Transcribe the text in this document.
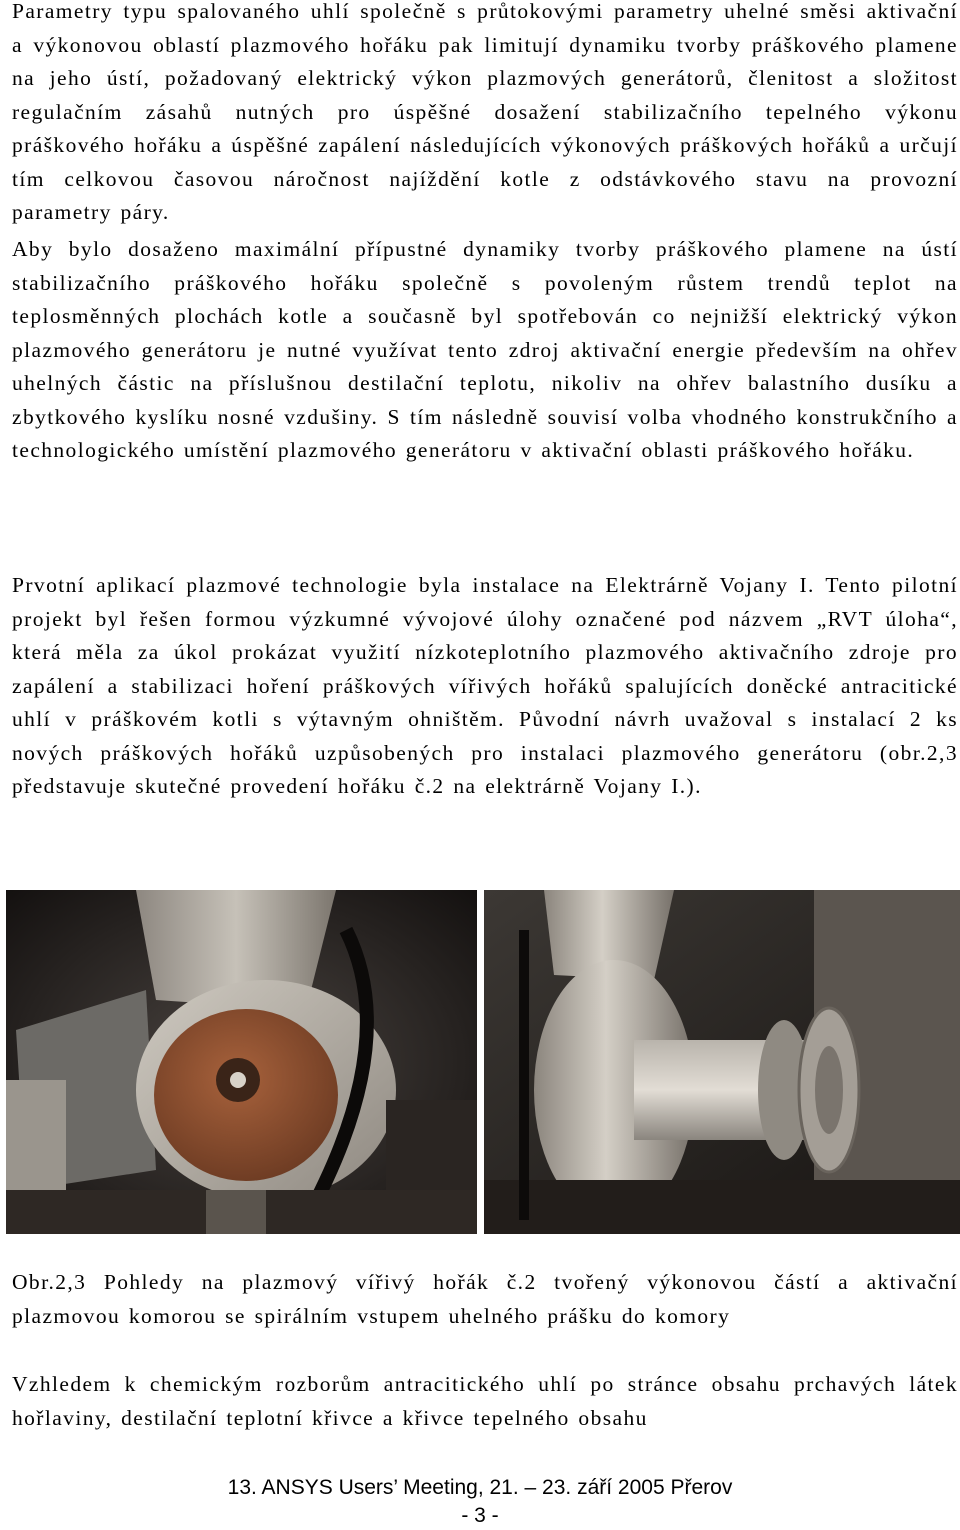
Parametry typu spalovaného uhlí společně s průtokovými parametry uhelné směsi aktivační a výkonovou oblastí plazmového hořáku pak limitují dynamiku tvorby práškového plamene na jeho ústí, požadovaný elektrický výkon plazmových generátorů, členitost a složitost regulačním zásahů nutných pro úspěšné dosažení stabilizačního tepelného výkonu práškového hořáku a úspěšné zapálení následujících výkonových práškových hořáků a určují tím celkovou časovou náročnost najíždění kotle z odstávkového stavu na provozní parametry páry.

Aby bylo dosaženo maximální přípustné dynamiky tvorby práškového plamene na ústí stabilizačního práškového hořáku společně s povoleným růstem trendů teplot na teplosměnných plochách kotle a současně byl spotřebován co nejnižší elektrický výkon plazmového generátoru je nutné využívat tento zdroj aktivační energie především na ohřev uhelných částic na příslušnou destilační teplotu, nikoliv na ohřev balastního dusíku a zbytkového kyslíku nosné vzdušiny. S tím následně souvisí volba vhodného konstrukčního a technologického umístění plazmového generátoru v aktivační oblasti práškového hořáku.

Prvotní aplikací plazmové technologie byla instalace na Elektrárně Vojany I. Tento pilotní projekt byl řešen formou výzkumné vývojové úlohy označené pod názvem „RVT úloha“, která měla za úkol prokázat využití nízkoteplotního plazmového aktivačního zdroje pro zapálení a stabilizaci hoření práškových vířivých hořáků spalujících doněcké antracitické uhlí v práškovém kotli s výtavným ohništěm. Původní návrh uvažoval s instalací 2 ks nových práškových hořáků uzpůsobených pro instalaci plazmového generátoru (obr.2,3 představuje skutečné provedení hořáku č.2 na elektrárně Vojany I.).

Obr.2,3 Pohledy na plazmový vířivý hořák č.2 tvořený výkonovou částí a aktivační plazmovou komorou se spirálním vstupem uhelného prášku do komory

Vzhledem k chemickým rozborům antracitického uhlí po stránce obsahu prchavých látek hořlaviny, destilační teplotní křivce a křivce tepelného obsahu

13. ANSYS Users’ Meeting, 21. – 23. září 2005 Přerov
- 3 -
